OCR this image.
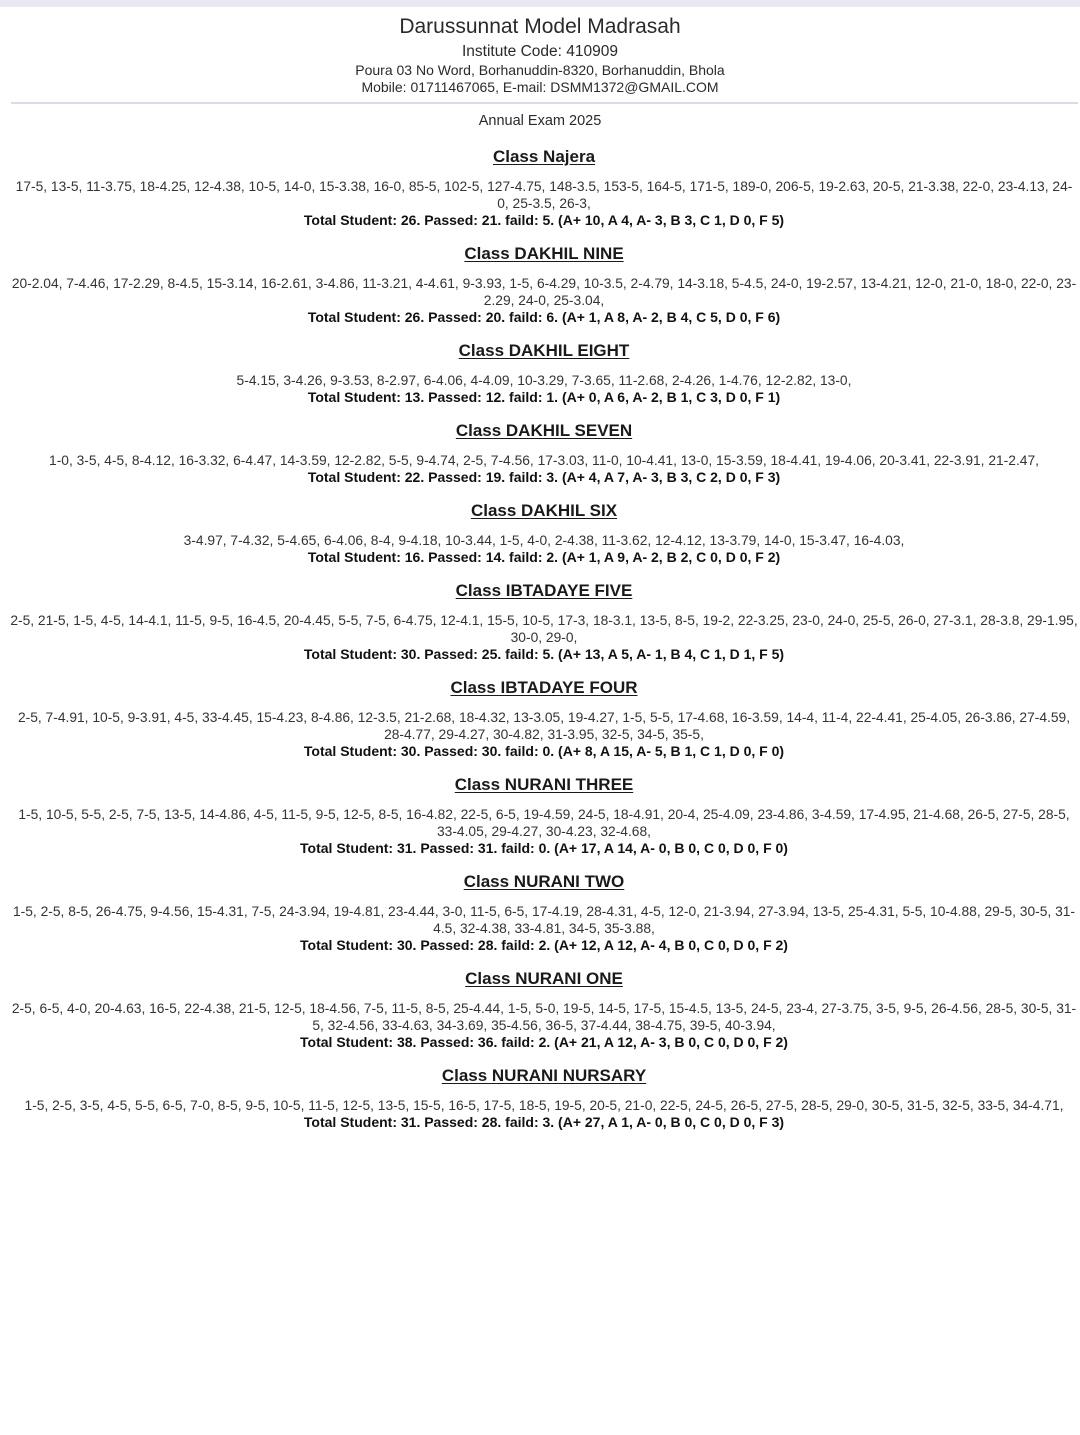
Darussunnat Model Madrasah
Institute Code: 410909
Poura 03 No Word, Borhanuddin-8320, Borhanuddin, Bhola
Mobile: 01711467065, E-mail: DSMM1372@GMAIL.COM
Annual Exam 2025
Class Najera
17-5, 13-5, 11-3.75, 18-4.25, 12-4.38, 10-5, 14-0, 15-3.38, 16-0, 85-5, 102-5, 127-4.75, 148-3.5, 153-5, 164-5, 171-5, 189-0, 206-5, 19-2.63, 20-5, 21-3.38, 22-0, 23-4.13, 24-0, 25-3.5, 26-3,
Total Student: 26. Passed: 21. faild: 5. (A+ 10, A 4, A- 3, B 3, C 1, D 0, F 5)
Class DAKHIL NINE
20-2.04, 7-4.46, 17-2.29, 8-4.5, 15-3.14, 16-2.61, 3-4.86, 11-3.21, 4-4.61, 9-3.93, 1-5, 6-4.29, 10-3.5, 2-4.79, 14-3.18, 5-4.5, 24-0, 19-2.57, 13-4.21, 12-0, 21-0, 18-0, 22-0, 23-2.29, 24-0, 25-3.04,
Total Student: 26. Passed: 20. faild: 6. (A+ 1, A 8, A- 2, B 4, C 5, D 0, F 6)
Class DAKHIL EIGHT
5-4.15, 3-4.26, 9-3.53, 8-2.97, 6-4.06, 4-4.09, 10-3.29, 7-3.65, 11-2.68, 2-4.26, 1-4.76, 12-2.82, 13-0,
Total Student: 13. Passed: 12. faild: 1. (A+ 0, A 6, A- 2, B 1, C 3, D 0, F 1)
Class DAKHIL SEVEN
1-0, 3-5, 4-5, 8-4.12, 16-3.32, 6-4.47, 14-3.59, 12-2.82, 5-5, 9-4.74, 2-5, 7-4.56, 17-3.03, 11-0, 10-4.41, 13-0, 15-3.59, 18-4.41, 19-4.06, 20-3.41, 22-3.91, 21-2.47,
Total Student: 22. Passed: 19. faild: 3. (A+ 4, A 7, A- 3, B 3, C 2, D 0, F 3)
Class DAKHIL SIX
3-4.97, 7-4.32, 5-4.65, 6-4.06, 8-4, 9-4.18, 10-3.44, 1-5, 4-0, 2-4.38, 11-3.62, 12-4.12, 13-3.79, 14-0, 15-3.47, 16-4.03,
Total Student: 16. Passed: 14. faild: 2. (A+ 1, A 9, A- 2, B 2, C 0, D 0, F 2)
Class IBTADAYE FIVE
2-5, 21-5, 1-5, 4-5, 14-4.1, 11-5, 9-5, 16-4.5, 20-4.45, 5-5, 7-5, 6-4.75, 12-4.1, 15-5, 10-5, 17-3, 18-3.1, 13-5, 8-5, 19-2, 22-3.25, 23-0, 24-0, 25-5, 26-0, 27-3.1, 28-3.8, 29-1.95, 30-0, 29-0,
Total Student: 30. Passed: 25. faild: 5. (A+ 13, A 5, A- 1, B 4, C 1, D 1, F 5)
Class IBTADAYE FOUR
2-5, 7-4.91, 10-5, 9-3.91, 4-5, 33-4.45, 15-4.23, 8-4.86, 12-3.5, 21-2.68, 18-4.32, 13-3.05, 19-4.27, 1-5, 5-5, 17-4.68, 16-3.59, 14-4, 11-4, 22-4.41, 25-4.05, 26-3.86, 27-4.59, 28-4.77, 29-4.27, 30-4.82, 31-3.95, 32-5, 34-5, 35-5,
Total Student: 30. Passed: 30. faild: 0. (A+ 8, A 15, A- 5, B 1, C 1, D 0, F 0)
Class NURANI THREE
1-5, 10-5, 5-5, 2-5, 7-5, 13-5, 14-4.86, 4-5, 11-5, 9-5, 12-5, 8-5, 16-4.82, 22-5, 6-5, 19-4.59, 24-5, 18-4.91, 20-4, 25-4.09, 23-4.86, 3-4.59, 17-4.95, 21-4.68, 26-5, 27-5, 28-5, 33-4.05, 29-4.27, 30-4.23, 32-4.68,
Total Student: 31. Passed: 31. faild: 0. (A+ 17, A 14, A- 0, B 0, C 0, D 0, F 0)
Class NURANI TWO
1-5, 2-5, 8-5, 26-4.75, 9-4.56, 15-4.31, 7-5, 24-3.94, 19-4.81, 23-4.44, 3-0, 11-5, 6-5, 17-4.19, 28-4.31, 4-5, 12-0, 21-3.94, 27-3.94, 13-5, 25-4.31, 5-5, 10-4.88, 29-5, 30-5, 31-4.5, 32-4.38, 33-4.81, 34-5, 35-3.88,
Total Student: 30. Passed: 28. faild: 2. (A+ 12, A 12, A- 4, B 0, C 0, D 0, F 2)
Class NURANI ONE
2-5, 6-5, 4-0, 20-4.63, 16-5, 22-4.38, 21-5, 12-5, 18-4.56, 7-5, 11-5, 8-5, 25-4.44, 1-5, 5-0, 19-5, 14-5, 17-5, 15-4.5, 13-5, 24-5, 23-4, 27-3.75, 3-5, 9-5, 26-4.56, 28-5, 30-5, 31-5, 32-4.56, 33-4.63, 34-3.69, 35-4.56, 36-5, 37-4.44, 38-4.75, 39-5, 40-3.94,
Total Student: 38. Passed: 36. faild: 2. (A+ 21, A 12, A- 3, B 0, C 0, D 0, F 2)
Class NURANI NURSARY
1-5, 2-5, 3-5, 4-5, 5-5, 6-5, 7-0, 8-5, 9-5, 10-5, 11-5, 12-5, 13-5, 15-5, 16-5, 17-5, 18-5, 19-5, 20-5, 21-0, 22-5, 24-5, 26-5, 27-5, 28-5, 29-0, 30-5, 31-5, 32-5, 33-5, 34-4.71,
Total Student: 31. Passed: 28. faild: 3. (A+ 27, A 1, A- 0, B 0, C 0, D 0, F 3)
